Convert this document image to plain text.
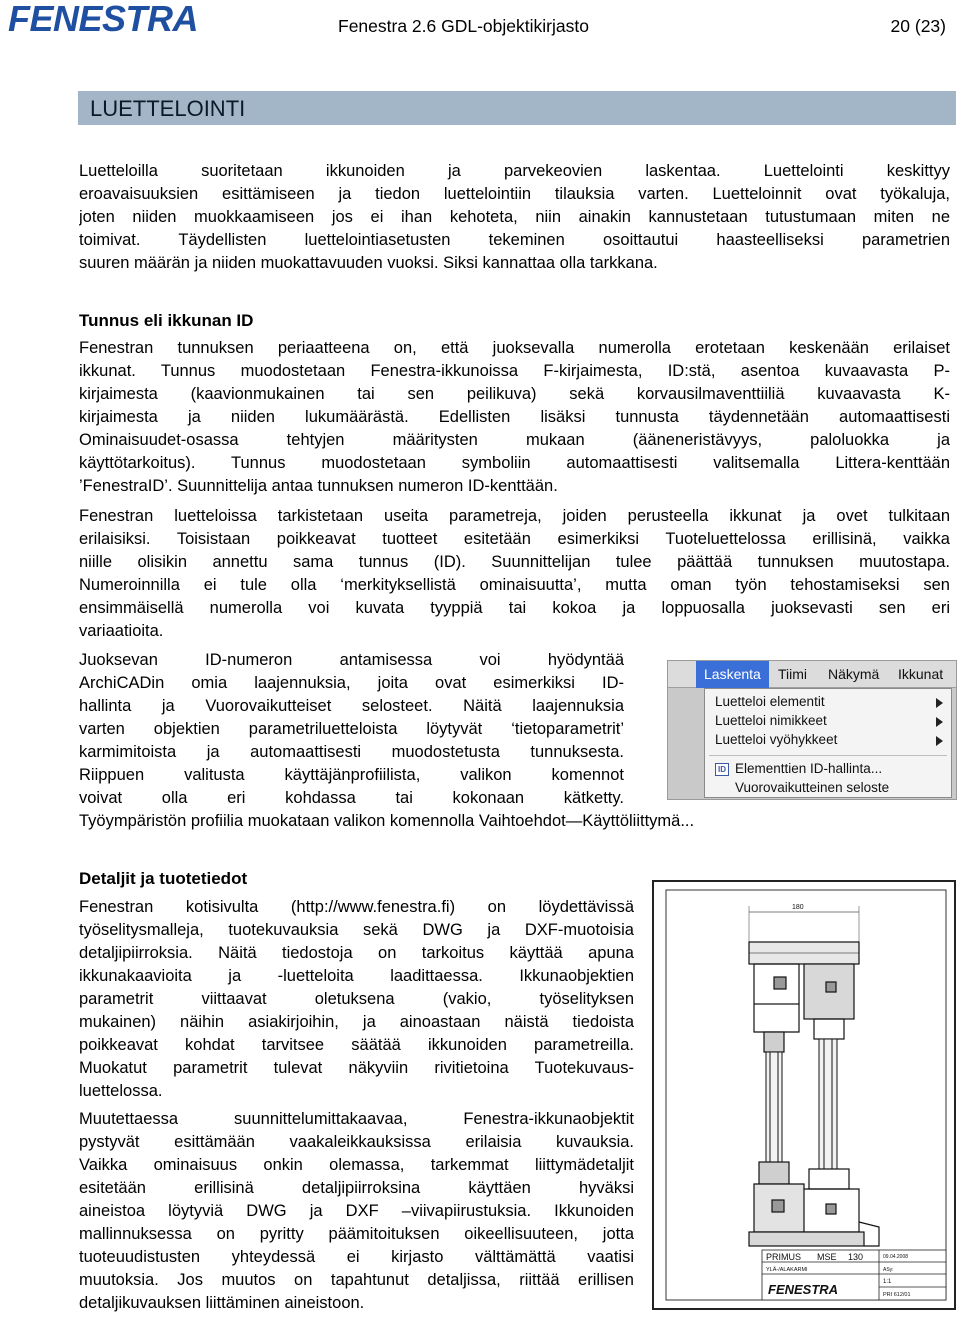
FENESTRA	Fenestra 2.6 GDL-objektikirjasto	20 (23)
LUETTELOINTI
Luetteloilla suoritetaan ikkunoiden ja parvekeovien laskentaa. Luettelointi keskittyy
eroavaisuuksien esittämiseen ja tiedon luettelointiin tilauksia varten. Luetteloinnit ovat työkaluja,
joten niiden muokkaamiseen jos ei ihan kehoteta, niin ainakin kannustetaan tutustumaan miten ne
toimivat. Täydellisten luettelointiasetusten tekeminen osoittautui haasteelliseksi parametrien
suuren määrän ja niiden muokattavuuden vuoksi. Siksi kannattaa olla tarkkana.
Tunnus eli ikkunan ID
Fenestran tunnuksen periaatteena on, että juoksevalla numerolla erotetaan keskenään erilaiset
ikkunat. Tunnus muodostetaan Fenestra-ikkunoissa F-kirjaimesta, ID:stä, asentoa kuvaavasta P-
kirjaimesta (kaavionmukainen tai sen peilikuva) sekä korvausilmaventtiiliä kuvaavasta K-
kirjaimesta ja niiden lukumäärästä. Edellisten lisäksi tunnusta täydennetään automaattisesti
Ominaisuudet-osassa tehtyjen määritysten mukaan (ääneneristävyys, paloluokka ja
käyttötarkoitus). Tunnus muodostetaan symboliin automaattisesti valitsemalla Littera-kenttään
’FenestraID’. Suunnittelija antaa tunnuksen numeron ID-kenttään.
Fenestran luetteloissa tarkistetaan useita parametreja, joiden perusteella ikkunat ja ovet tulkitaan
erilaisiksi. Toisistaan poikkeavat tuotteet esitetään esimerkiksi Tuoteluettelossa erillisinä, vaikka
niille olisikin annettu sama tunnus (ID). Suunnittelijan tulee päättää tunnuksen muutostapa.
Numeroinnilla ei tule olla ‘merkityksellistä ominaisuutta’, mutta oman työn tehostamiseksi sen
ensimmäisellä numerolla voi kuvata tyyppiä tai kokoa ja loppuosalla juoksevasti sen eri
variaatioita.
Juoksevan ID-numeron antamisessa voi hyödyntää
ArchiCADin omia laajennuksia, joita ovat esimerkiksi ID-
hallinta ja Vuorovaikutteiset selosteet. Näitä laajennuksia
varten objektien parametriluetteloista löytyvät ‘tietoparametrit’
karmimitoista ja automaattisesti muodostetusta tunnuksesta.
Riippuen valitusta käyttäjänprofiilista, valikon komennot
voivat olla eri kohdassa tai kokonaan kätketty.
Työympäristön profiilia muokataan valikon komennolla Vaihtoehdot—Käyttöliittymä...
Laskenta	Tiimi Näkymä Ikkunat
Luetteloi elementit
Luetteloi nimikkeet
Luetteloi vyöhykkeet
ID Elementtien ID-hallinta...
Vuorovaikutteinen seloste
Detaljit ja tuotetiedot
Fenestran kotisivulta (http://www.fenestra.fi) on löydettävissä
työselitysmalleja, tuotekuvauksia sekä DWG ja DXF-muotoisia
detaljipiirroksia. Näitä tiedostoja on tarkoitus käyttää apuna
ikkunakaavioita ja -luetteloita laadittaessa. Ikkunaobjektien
parametrit viittaavat oletuksena (vakio, työselityksen
mukainen) näihin asiakirjoihin, ja ainoastaan näistä tiedoista
poikkeavat kohdat tarvitsee säätää ikkunoiden parametreilla.
Muokatut parametrit tulevat näkyviin rivitietoina Tuotekuvaus-
luettelossa.
Muutettaessa suunnittelumittakaavaa, Fenestra-ikkunaobjektit
pystyvät esittämään vaakaleikkauksissa erilaisia kuvauksia.
Vaikka ominaisuus onkin olemassa, tarkemmat liittymädetaljit
esitetään erillisinä detaljipiirroksina käyttäen hyväksi
aineistoa löytyviä DWG ja DXF –viivapiirustuksia. Ikkunoiden
mallinnuksessa on pyritty päämitoituksen oikeellisuuteen, jotta
tuoteuudistusten yhteydessä ei kirjasto välttämättä vaatisi
muutoksia. Jos muutos on tapahtunut detaljissa, riittää erillisen
detaljikuvauksen liittäminen aineistoon.
180
PRIMUS MSE 130
YLÄ-/ALAKARMI
09.04.2008
ASy:
1:1
FENESTRA	PRI 612/01
